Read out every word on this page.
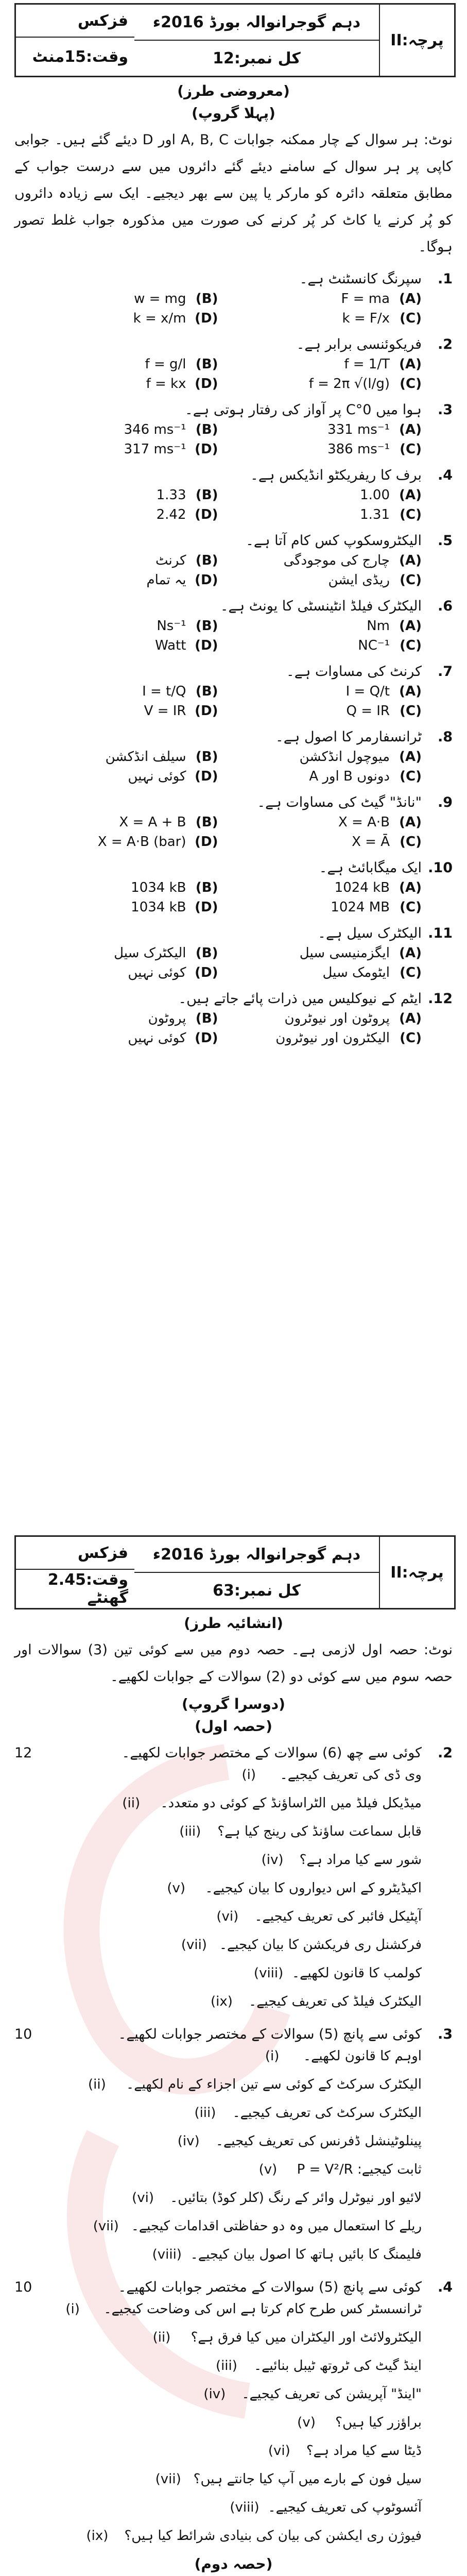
پرچہ:II
دہم گوجرانوالہ بورڈ 2016ء
کل نمبر:12
فزکس
وقت:15منٹ
(معروضی طرز)
(پہلا گروپ)
نوٹ: ہر سوال کے چار ممکنہ جوابات A, B, C اور D دیئے گئے ہیں۔ جوابی کاپی پر ہر سوال کے سامنے دیئے گئے دائروں میں سے درست جواب کے مطابق متعلقہ دائرہ کو مارکر یا پین سے بھر دیجیے۔ ایک سے زیادہ دائروں کو پُر کرنے یا کاٹ کر پُر کرنے کی صورت میں مذکورہ جواب غلط تصور ہوگا۔
1.
سپرنگ کانسٹنٹ ہے۔
(A)
F = ma
(B)
w = mg
(C)
k = F/x
(D)
k = x/m
2.
فریکوئنسی برابر ہے۔
(A)
f = 1/T
(B)
f = g/l
(C)
f = 2π √(l/g)
(D)
f = kx
3.
ہوا میں 0°C پر آواز کی رفتار ہوتی ہے۔
(A)
331 ms⁻¹
(B)
346 ms⁻¹
(C)
386 ms⁻¹
(D)
317 ms⁻¹
4.
برف کا ریفریکٹو انڈیکس ہے۔
(A)
1.00
(B)
1.33
(C)
1.31
(D)
2.42
5.
الیکٹروسکوپ کس کام آتا ہے۔
(A)
چارج کی موجودگی
(B)
کرنٹ
(C)
ریڈی ایشن
(D)
یہ تمام
6.
الیکٹرک فیلڈ انٹینسٹی کا یونٹ ہے۔
(A)
Nm
(B)
Ns⁻¹
(C)
NC⁻¹
(D)
Watt
7.
کرنٹ کی مساوات ہے۔
(A)
I = Q/t
(B)
I = t/Q
(C)
Q = IR
(D)
V = IR
8.
ٹرانسفارمر کا اصول ہے۔
(A)
میوچول انڈکشن
(B)
سیلف انڈکشن
(C)
A اور B دونوں
(D)
کوئی نہیں
9.
"نانڈ" گیٹ کی مساوات ہے۔
(A)
X = A·B
(B)
X = A + B
(C)
X = Ā
(D)
X = A·B (bar)
10.
ایک میگابائٹ ہے۔
(A)
1024 kB
(B)
1034 kB
(C)
1024 MB
(D)
1034 kB
11.
الیکٹرک سیل ہے۔
(A)
ایگزمنیسی سیل
(B)
الیکٹرک سیل
(C)
ایٹومک سیل
(D)
کوئی نہیں
12.
ایٹم کے نیوکلیس میں ذرات پائے جاتے ہیں۔
(A)
پروٹون اور نیوٹرون
(B)
پروٹون
(C)
الیکٹرون اور نیوٹرون
(D)
کوئی نہیں
پرچہ:II
دہم گوجرانوالہ بورڈ 2016ء
کل نمبر:63
فزکس
وقت:2.45 گھنٹے
(انشائیہ طرز)
نوٹ: حصہ اول لازمی ہے۔ حصہ دوم میں سے کوئی تین (3) سوالات اور حصہ سوم میں سے کوئی دو (2) سوالات کے جوابات لکھیے۔
(دوسرا گروپ)
(حصہ اول)
2.
کوئی سے چھ (6) سوالات کے مختصر جوابات لکھیے۔
12
وی ڈی کی تعریف کیجیے۔
(i)
میڈیکل فیلڈ میں الٹراساؤنڈ کے کوئی دو متعدد۔
(ii)
قابل سماعت ساؤنڈ کی رینج کیا ہے؟
(iii)
شور سے کیا مراد ہے؟
(iv)
اکیڈیٹرو کے اس دیواروں کا بیان کیجیے۔
(v)
آپٹیکل فائبر کی تعریف کیجیے۔
(vi)
فرکشنل ری فریکشن کا بیان کیجیے۔
(vii)
کولمب کا قانون لکھیے۔
(viii)
الیکٹرک فیلڈ کی تعریف کیجیے۔
(ix)
3.
کوئی سے پانچ (5) سوالات کے مختصر جوابات لکھیے۔
10
اوہم کا قانون لکھیے۔
(i)
الیکٹرک سرکٹ کے کوئی سے تین اجزاء کے نام لکھیے۔
(ii)
الیکٹرک سرکٹ کی تعریف کیجیے۔
(iii)
پینلوٹینشل ڈفرنس کی تعریف کیجیے۔
(iv)
ثابت کیجیے: P = V²/R
(v)
لائیو اور نیوٹرل وائر کے رنگ (کلر کوڈ) بتائیں۔
(vi)
ریلے کا استعمال میں وہ دو حفاظتی اقدامات کیجیے۔
(vii)
فلیمنگ کا بائیں ہاتھ کا اصول بیان کیجیے۔
(viii)
4.
کوئی سے پانچ (5) سوالات کے مختصر جوابات لکھیے۔
10
ٹرانسسٹر کس طرح کام کرتا ہے اس کی وضاحت کیجیے۔
(i)
الیکٹرولائٹ اور الیکٹران میں کیا فرق ہے؟
(ii)
اینڈ گیٹ کی ٹروتھ ٹیبل بنائیے۔
(iii)
"اینڈ" آپریشن کی تعریف کیجیے۔
(iv)
براؤزر کیا ہیں؟
(v)
ڈیٹا سے کیا مراد ہے؟
(vi)
سیل فون کے بارے میں آپ کیا جانتے ہیں؟
(vii)
آئسوٹوپ کی تعریف کیجیے۔
(viii)
فیوژن ری ایکشن کی بیان کی بنیادی شرائط کیا ہیں؟
(ix)
(حصہ دوم)
